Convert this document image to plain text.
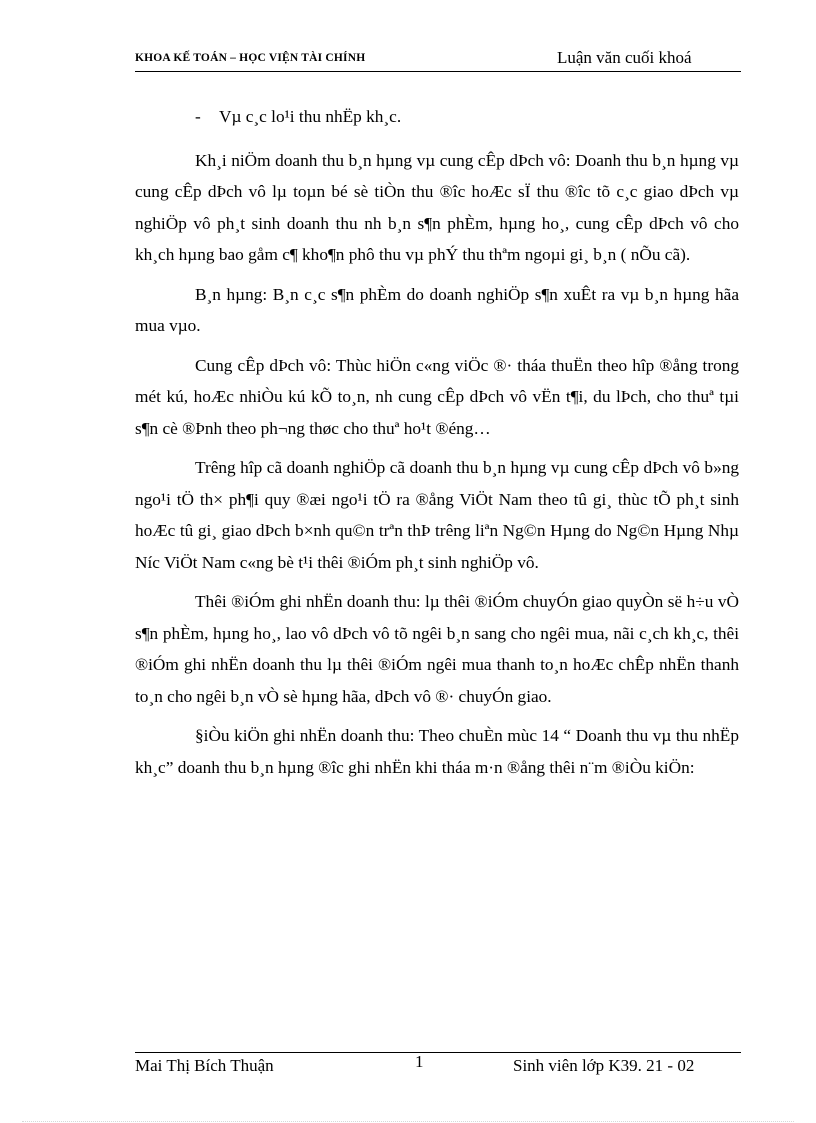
KHOA KẾ TOÁN – HỌC VIỆN TÀI CHÍNH	Luận văn cuối khoá

- Vµ c¸c lo¹i thu nhËp kh¸c.

Kh¸i niÖm doanh thu b¸n hµng vµ cung cÊp dÞch vô: Doanh thu b¸n hµng vµ cung cÊp dÞch vô lµ toµn bé sè tiÒn thu ®îc hoÆc sÏ thu ®îc tõ c¸c giao dÞch vµ nghiÖp vô ph¸t sinh doanh thu nh b¸n s¶n phÈm, hµng ho¸, cung cÊp dÞch vô cho kh¸ch hµng bao gåm c¶ kho¶n phô thu vµ phÝ thu thªm ngoµi gi¸ b¸n ( nÕu cã).

B¸n hµng: B¸n c¸c s¶n phÈm do doanh nghiÖp s¶n xuÊt ra vµ b¸n hµng hãa mua vµo.

Cung cÊp dÞch vô: Thùc hiÖn c«ng viÖc ®· tháa thuËn theo hîp ®ång trong mét kú, hoÆc nhiÒu kú kÕ to¸n, nh cung cÊp dÞch vô vËn t¶i, du lÞch, cho thuª tµi s¶n cè ®Þnh theo ph¬ng thøc cho thuª ho¹t ®éng…

Trêng hîp cã doanh nghiÖp cã doanh thu b¸n hµng vµ cung cÊp dÞch vô b»ng ngo¹i tÖ th× ph¶i quy ®æi ngo¹i tÖ ra ®ång ViÖt Nam theo tû gi¸ thùc tÕ ph¸t sinh hoÆc tû gi¸ giao dÞch b×nh qu©n trªn thÞ trêng liªn Ng©n Hµng do Ng©n Hµng Nhµ Níc ViÖt Nam c«ng bè t¹i thêi ®iÓm ph¸t sinh nghiÖp vô.

Thêi ®iÓm ghi nhËn doanh thu: lµ thêi ®iÓm chuyÓn giao quyÒn së h÷u vÒ s¶n phÈm, hµng ho¸, lao vô dÞch vô tõ ngêi b¸n sang cho ngêi mua, nãi c¸ch kh¸c, thêi ®iÓm ghi nhËn doanh thu lµ thêi ®iÓm ngêi mua thanh to¸n hoÆc chÊp nhËn thanh to¸n cho ngêi b¸n vÒ sè hµng hãa, dÞch vô ®· chuyÓn giao.

§iÒu kiÖn ghi nhËn doanh thu: Theo chuÈn mùc 14 “ Doanh thu vµ thu nhËp kh¸c” doanh thu b¸n hµng ®îc ghi nhËn khi tháa m·n ®ång thêi n¨m ®iÒu kiÖn:

Mai Thị Bích Thuận	1	Sinh viên lớp K39. 21 - 02
